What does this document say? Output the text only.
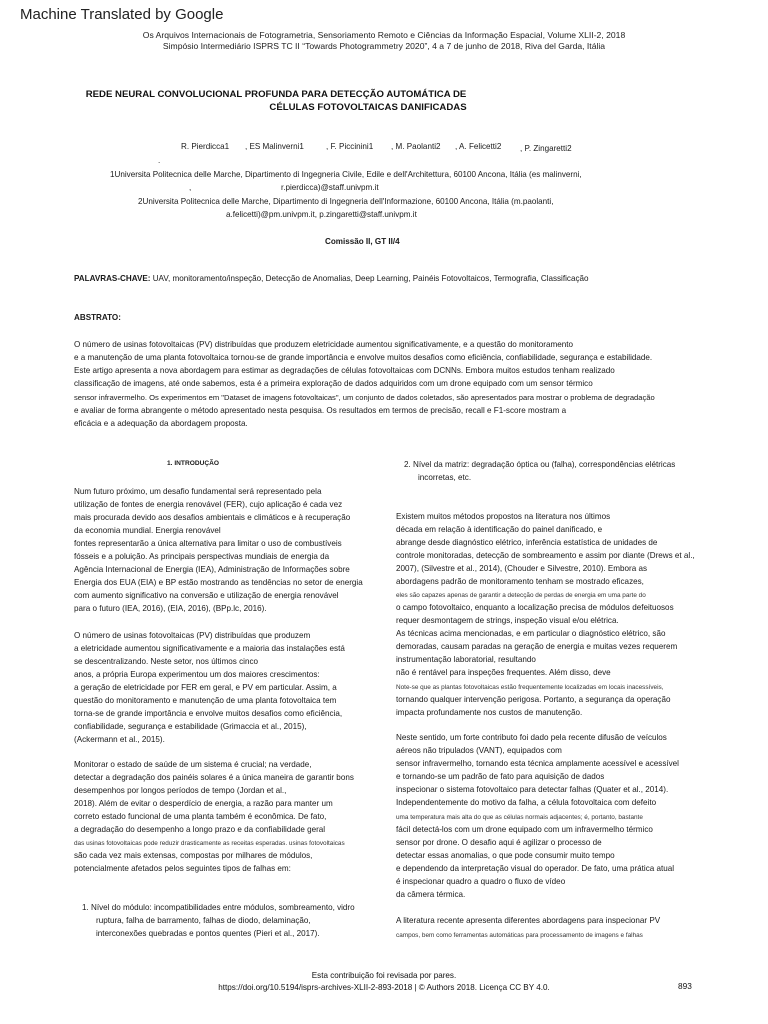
Machine Translated by Google
Os Arquivos Internacionais de Fotogrametria, Sensoriamento Remoto e Ciências da Informação Espacial, Volume XLII-2, 2018
Simpósio Intermediário ISPRS TC II “Towards Photogrammetry 2020”, 4 a 7 de junho de 2018, Riva del Garda, Itália
REDE NEURAL CONVOLUCIONAL PROFUNDA PARA DETECÇÃO AUTOMÁTICA DE
CÉLULAS FOTOVOLTAICAS DANIFICADAS
R. Pierdicca1 , ES Malinverni1	, F. Piccinini1 , M. Paolanti2 , A. Felicetti2 , P. Zingaretti2
.
1Universita Politecnica delle Marche, Dipartimento di Ingegneria Civile, Edile e dell'Architettura, 60100 Ancona, Itália (es malinverni,
,	r.pierdicca)@staff.univpm.it
2Universita Politecnica delle Marche, Dipartimento di Ingegneria dell'Informazione, 60100 Ancona, Itália (m.paolanti,
a.felicetti)@pm.univpm.it, p.zingaretti@staff.univpm.it
Comissão II, GT II/4
PALAVRAS-CHAVE: UAV, monitoramento/inspeção, Detecção de Anomalias, Deep Learning, Painéis Fotovoltaicos, Termografia, Classificação
ABSTRATO:
O número de usinas fotovoltaicas (PV) distribuídas que produzem eletricidade aumentou significativamente, e a questão do monitoramento
e a manutenção de uma planta fotovoltaica tornou-se de grande importância e envolve muitos desafios como eficiência, confiabilidade, segurança e estabilidade.
Este artigo apresenta a nova abordagem para estimar as degradações de células fotovoltaicas com DCNNs. Embora muitos estudos tenham realizado
classificação de imagens, até onde sabemos, esta é a primeira exploração de dados adquiridos com um drone equipado com um sensor térmico
sensor infravermelho. Os experimentos em "Dataset de imagens fotovoltaicas", um conjunto de dados coletados, são apresentados para mostrar o problema de degradação
e avaliar de forma abrangente o método apresentado nesta pesquisa. Os resultados em termos de precisão, recall e F1-score mostram a
eficácia e a adequação da abordagem proposta.
1. INTRODUÇÃO
Num futuro próximo, um desafio fundamental será representado pela
utilização de fontes de energia renovável (FER), cujo aplicação é cada vez
mais procurada devido aos desafios ambientais e climáticos e à recuperação
da economia mundial. Energia renovável
fontes representarão a única alternativa para limitar o uso de combustíveis
fósseis e a poluição. As principais perspectivas mundiais de energia da
Agência Internacional de Energia (IEA), Administração de Informações sobre
Energia dos EUA (EIA) e BP estão mostrando as tendências no setor de energia
com aumento significativo na conversão e utilização de energia renovável
para o futuro (IEA, 2016), (EIA, 2016), (BPp.lc, 2016).
O número de usinas fotovoltaicas (PV) distribuídas que produzem
a eletricidade aumentou significativamente e a maioria das instalações está
se descentralizando. Neste setor, nos últimos cinco
anos, a própria Europa experimentou um dos maiores crescimentos:
a geração de eletricidade por FER em geral, e PV em particular. Assim, a
questão do monitoramento e manutenção de uma planta fotovoltaica tem
torna-se de grande importância e envolve muitos desafios como eficiência,
confiabilidade, segurança e estabilidade (Grimaccia et al., 2015),
(Ackermann et al., 2015).
Monitorar o estado de saúde de um sistema é crucial; na verdade,
detectar a degradação dos painéis solares é a única maneira de garantir bons
desempenhos por longos períodos de tempo (Jordan et al.,
2018). Além de evitar o desperdício de energia, a razão para manter um
correto estado funcional de uma planta também é econômica. De fato,
a degradação do desempenho a longo prazo e da confiabilidade geral
das usinas fotovoltaicas pode reduzir drasticamente as receitas esperadas. usinas fotovoltaicas
são cada vez mais extensas, compostas por milhares de módulos,
potencialmente afetados pelos seguintes tipos de falhas em:
1. Nível do módulo: incompatibilidades entre módulos, sombreamento, vidro
ruptura, falha de barramento, falhas de diodo, delaminação,
interconexões quebradas e pontos quentes (Pieri et al., 2017).
2. Nível da matriz: degradação óptica ou (falha), correspondências elétricas
incorretas, etc.
Existem muitos métodos propostos na literatura nos últimos
década em relação à identificação do painel danificado, e
abrange desde diagnóstico elétrico, inferência estatística de unidades de
controle monitoradas, detecção de sombreamento e assim por diante (Drews et al.,
2007), (Silvestre et al., 2014), (Chouder e Silvestre, 2010). Embora as
abordagens padrão de monitoramento tenham se mostrado eficazes,
eles são capazes apenas de garantir a detecção de perdas de energia em uma parte do
o campo fotovoltaico, enquanto a localização precisa de módulos defeituosos
requer desmontagem de strings, inspeção visual e/ou elétrica.
As técnicas acima mencionadas, e em particular o diagnóstico elétrico, são
demoradas, causam paradas na geração de energia e muitas vezes requerem
instrumentação laboratorial, resultando
não é rentável para inspeções frequentes. Além disso, deve
Note-se que as plantas fotovoltaicas estão frequentemente localizadas em locais inacessíveis,
tornando qualquer intervenção perigosa. Portanto, a segurança da operação
impacta profundamente nos custos de manutenção.
Neste sentido, um forte contributo foi dado pela recente difusão de veículos
aéreos não tripulados (VANT), equipados com
sensor infravermelho, tornando esta técnica amplamente acessível e acessível
e tornando-se um padrão de fato para aquisição de dados
inspecionar o sistema fotovoltaico para detectar falhas (Quater et al., 2014).
Independentemente do motivo da falha, a célula fotovoltaica com defeito
uma temperatura mais alta do que as células normais adjacentes; é, portanto, bastante
fácil detectá-los com um drone equipado com um infravermelho térmico
sensor por drone. O desafio aqui é agilizar o processo de
detectar essas anomalias, o que pode consumir muito tempo
e dependendo da interpretação visual do operador. De fato, uma prática atual
é inspecionar quadro a quadro o fluxo de vídeo
da câmera térmica.
A literatura recente apresenta diferentes abordagens para inspecionar PV
campos, bem como ferramentas automáticas para processamento de imagens e falhas
Esta contribuição foi revisada por pares.
https://doi.org/10.5194/isprs-archives-XLII-2-893-2018 | © Authors 2018. Licença CC BY 4.0.	893
